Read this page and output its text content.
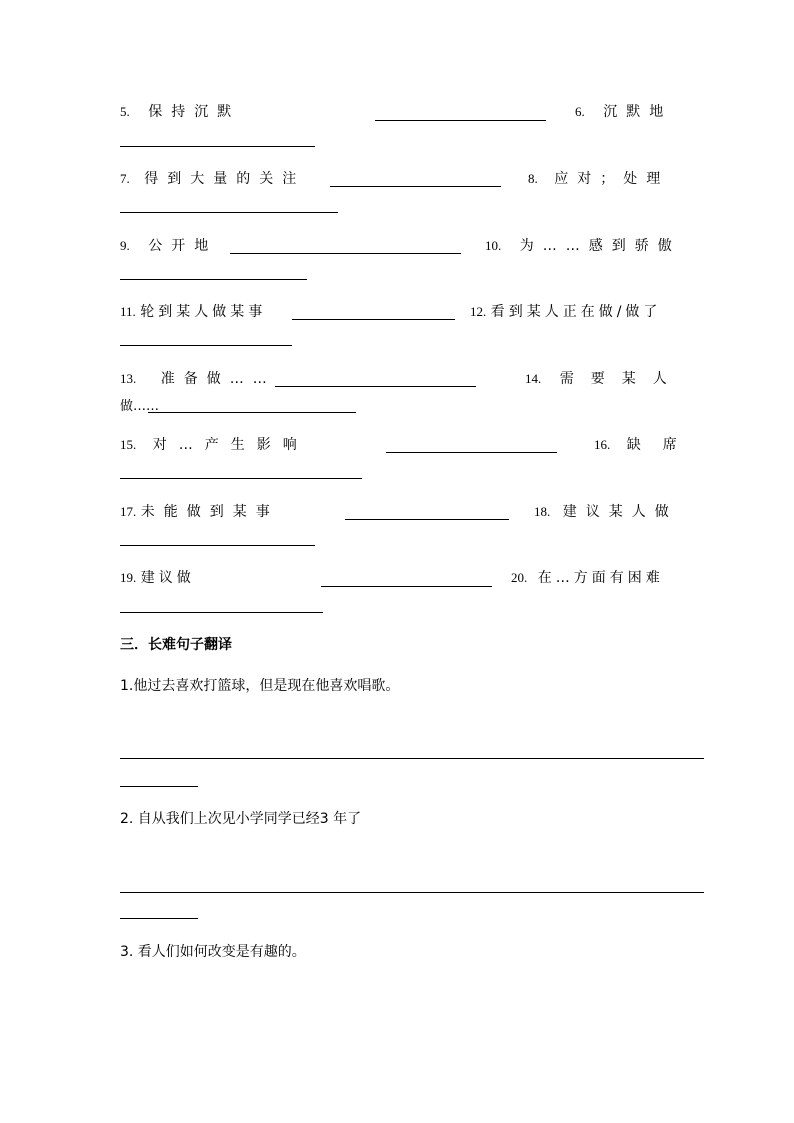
5. 保持沉默	6. 沉默地
7. 得到大量的关注	8. 应对；处理
9. 公开地	10. 为……感到骄傲
11. 轮到某人做某事	12. 看到某人正在做/做了
13. 准备做……	14. 需要某人
做……
15. 对…产生影响	16. 缺席
17. 未能做到某事	18. 建议某人做
19. 建议做	20. 在…方面有困难
三．长难句子翻译
1.他过去喜欢打篮球，但是现在他喜欢唱歌。
2. 自从我们上次见小学同学已经3 年了
3. 看人们如何改变是有趣的。
